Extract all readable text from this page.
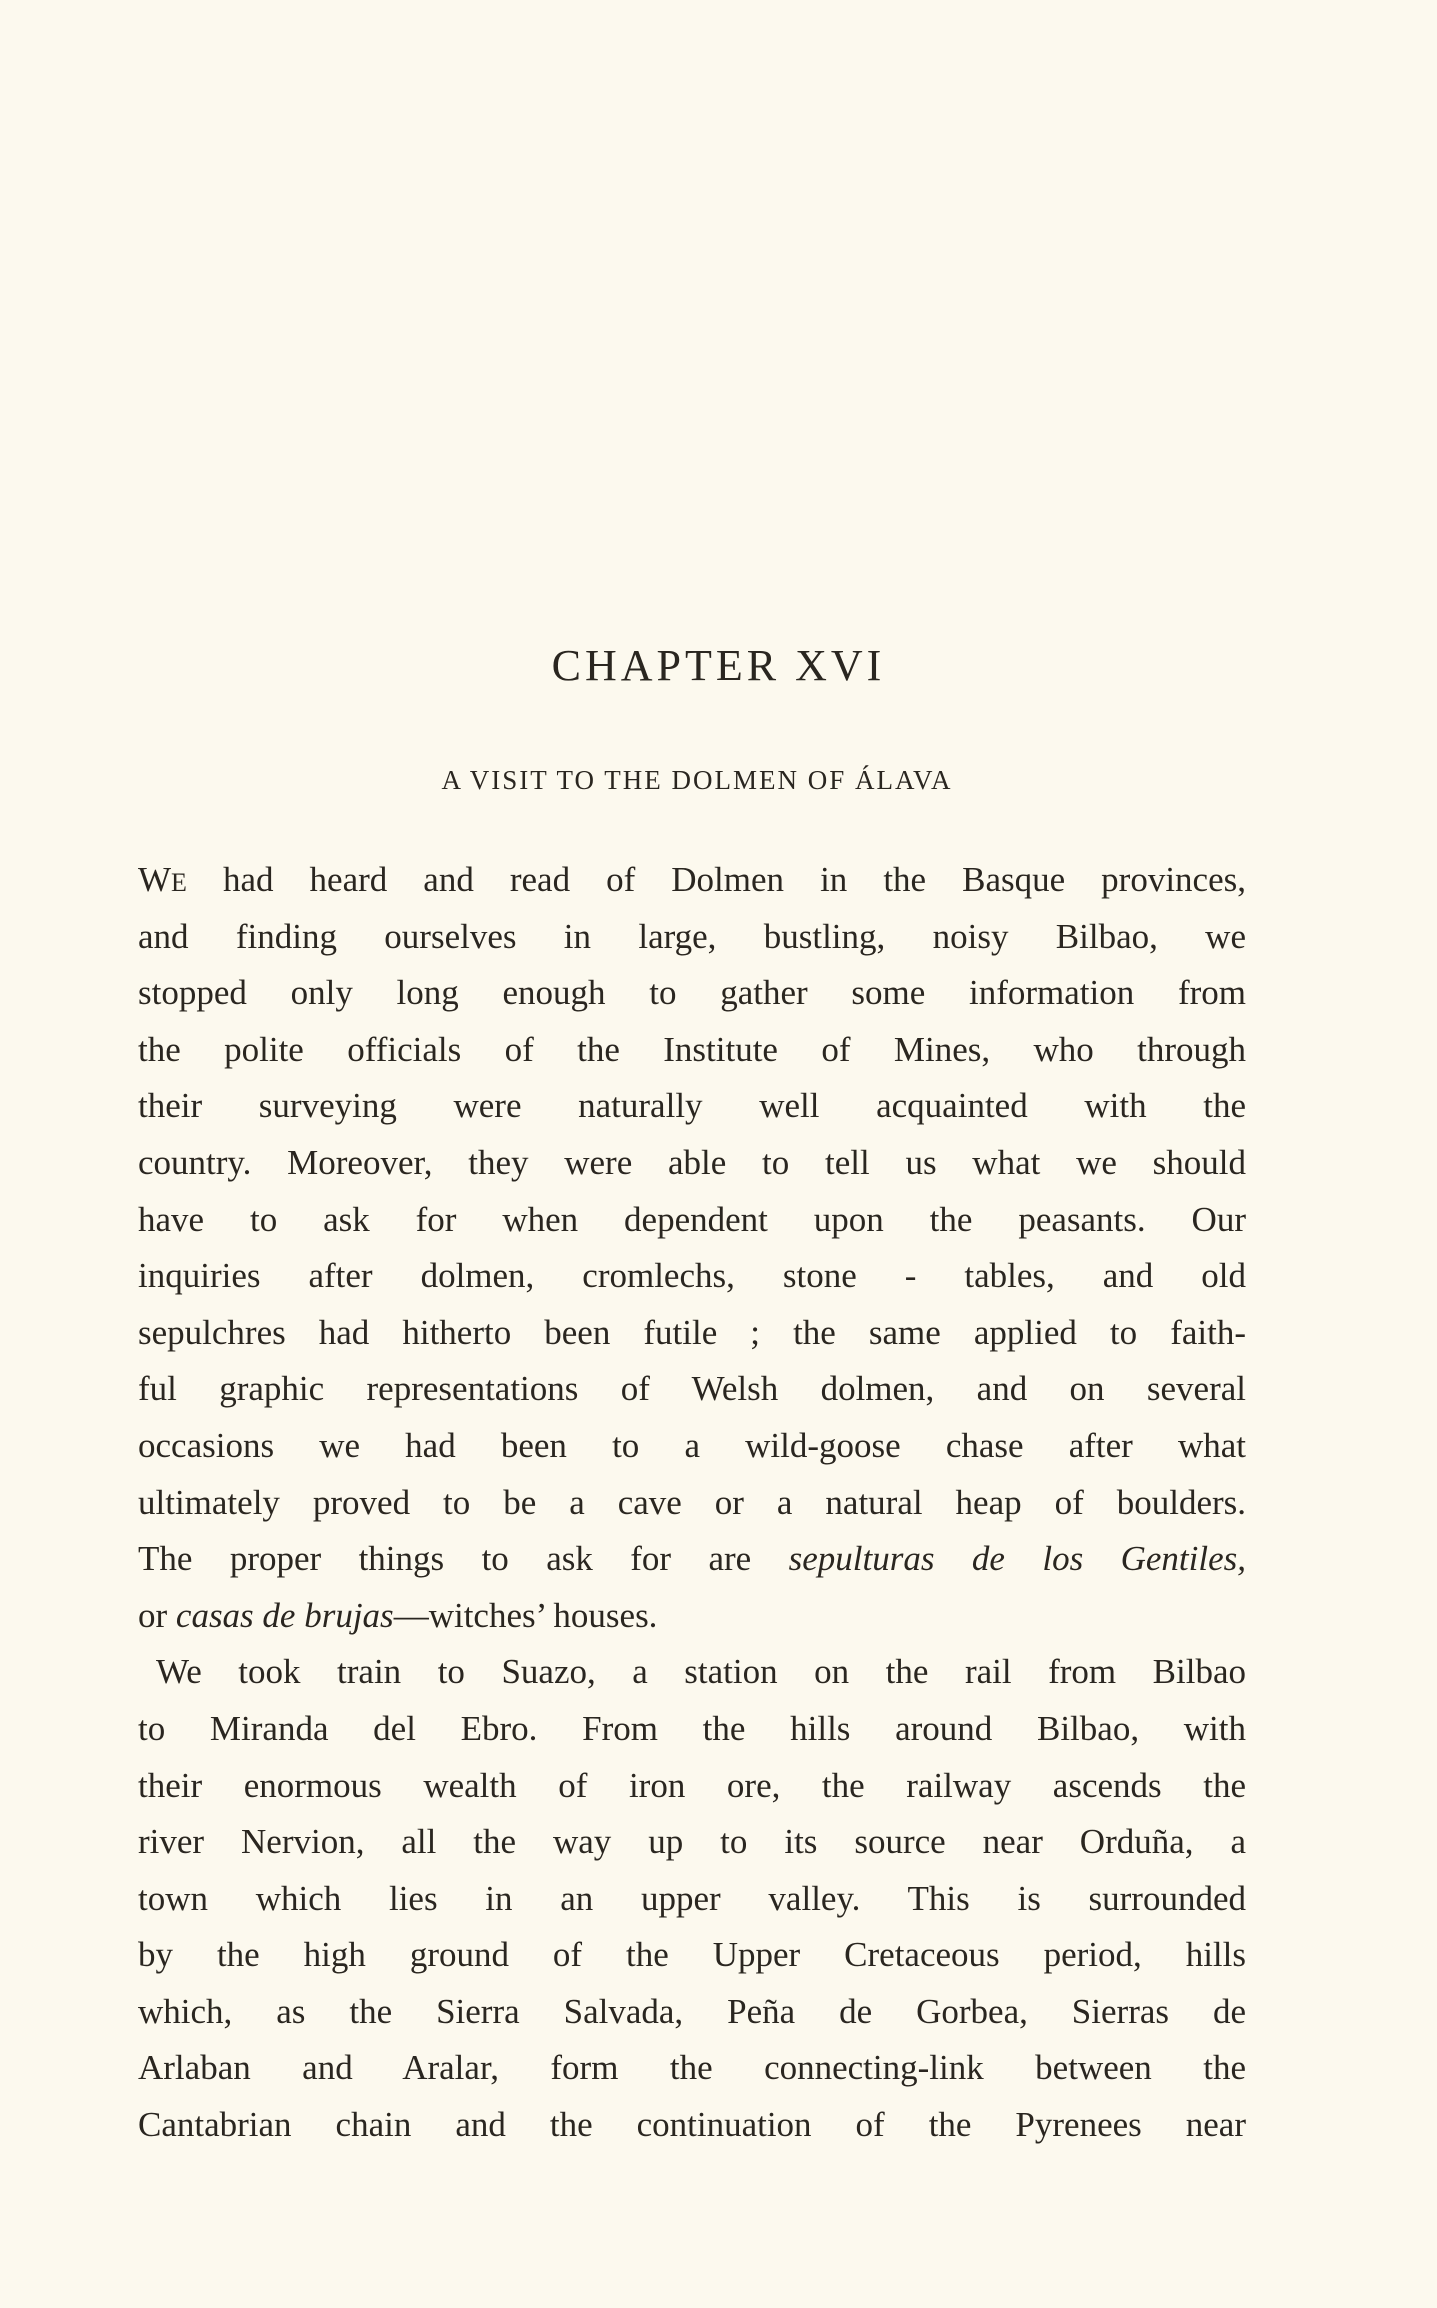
CHAPTER XVI
A VISIT TO THE DOLMEN OF ÁLAVA
WE had heard and read of Dolmen in the Basque provinces,
and finding ourselves in large, bustling, noisy Bilbao, we
stopped only long enough to gather some information from
the polite officials of the Institute of Mines, who through
their surveying were naturally well acquainted with the
country. Moreover, they were able to tell us what we should
have to ask for when dependent upon the peasants. Our
inquiries after dolmen, cromlechs, stone - tables, and old
sepulchres had hitherto been futile ; the same applied to faith-
ful graphic representations of Welsh dolmen, and on several
occasions we had been to a wild-goose chase after what
ultimately proved to be a cave or a natural heap of boulders.
The proper things to ask for are sepulturas de los Gentiles,
or casas de brujas—witches’ houses.
We took train to Suazo, a station on the rail from Bilbao
to Miranda del Ebro. From the hills around Bilbao, with
their enormous wealth of iron ore, the railway ascends the
river Nervion, all the way up to its source near Orduña, a
town which lies in an upper valley. This is surrounded
by the high ground of the Upper Cretaceous period, hills
which, as the Sierra Salvada, Peña de Gorbea, Sierras de
Arlaban and Aralar, form the connecting-link between the
Cantabrian chain and the continuation of the Pyrenees near
